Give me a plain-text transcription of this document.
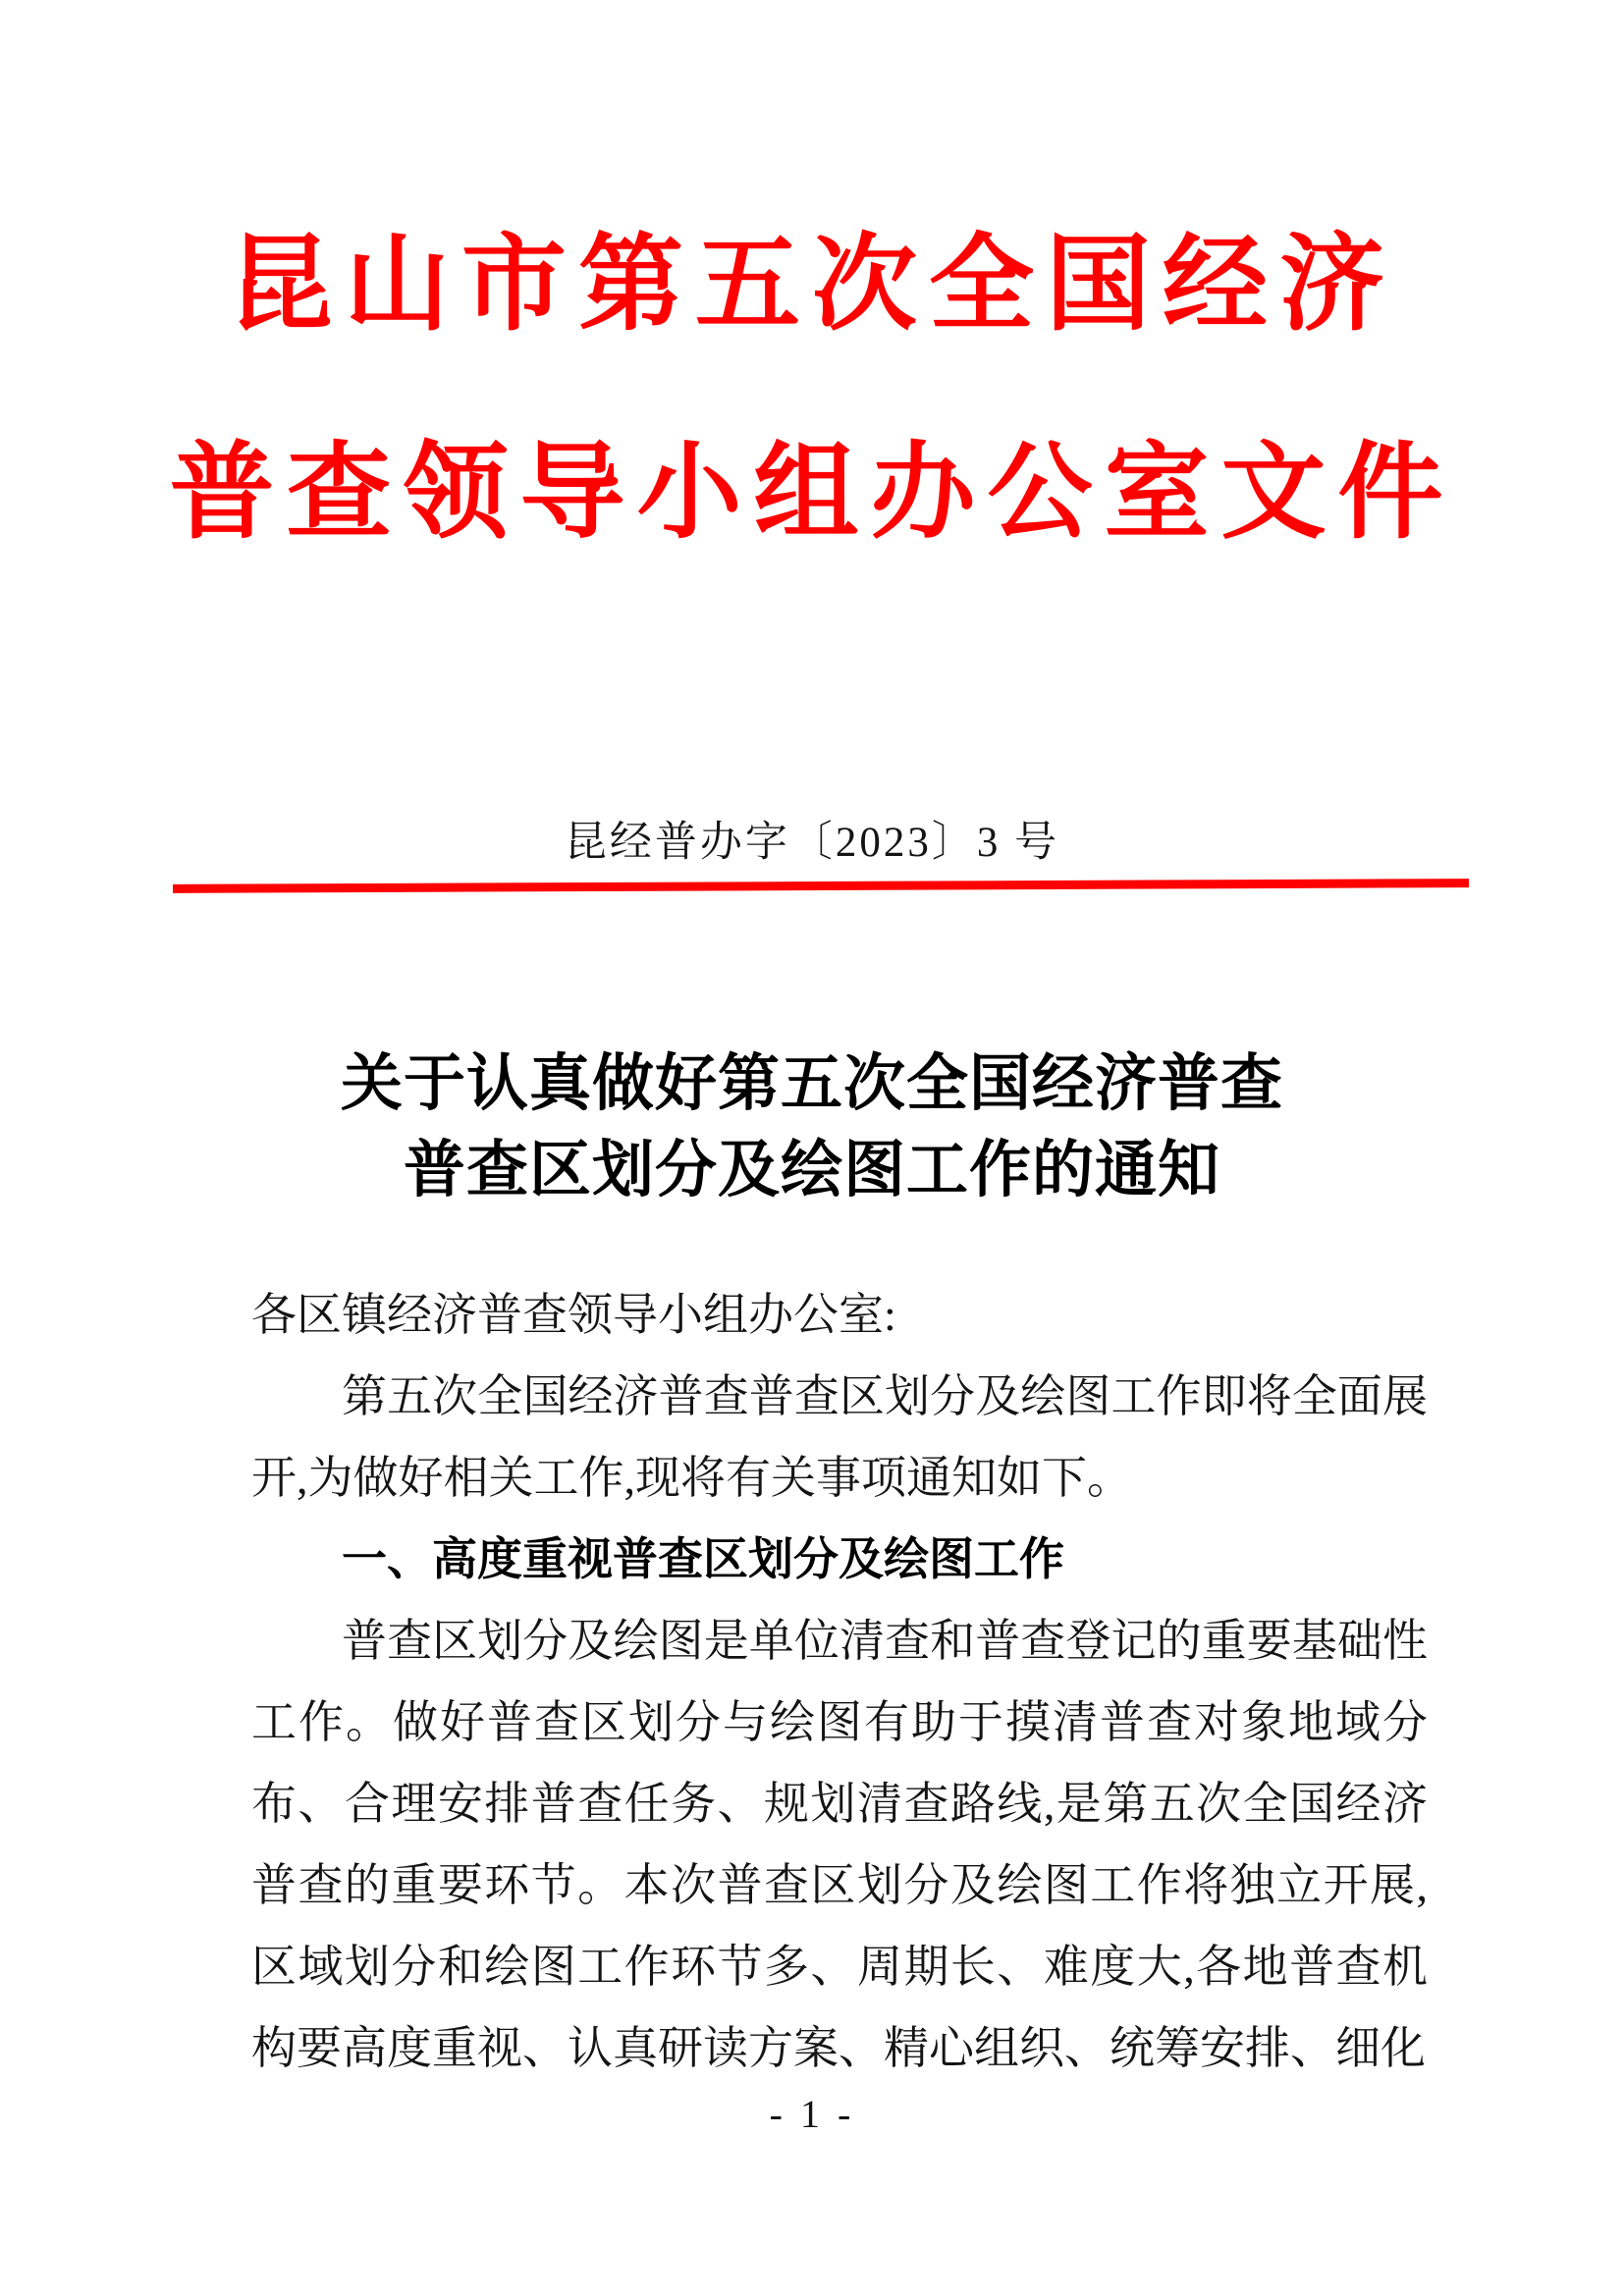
昆山市第五次全国经济
普查领导小组办公室文件
昆经普办字〔2023〕3 号
关于认真做好第五次全国经济普查
普查区划分及绘图工作的通知

各区镇经济普查领导小组办公室:

第五次全国经济普查普查区划分及绘图工作即将全面展开,为做好相关工作,现将有关事项通知如下。

一、高度重视普查区划分及绘图工作

普查区划分及绘图是单位清查和普查登记的重要基础性工作。做好普查区划分与绘图有助于摸清普查对象地域分布、合理安排普查任务、规划清查路线,是第五次全国经济普查的重要环节。本次普查区划分及绘图工作将独立开展,区域划分和绘图工作环节多、周期长、难度大,各地普查机构要高度重视、认真研读方案、精心组织、统筹安排、细化

- 1 -
